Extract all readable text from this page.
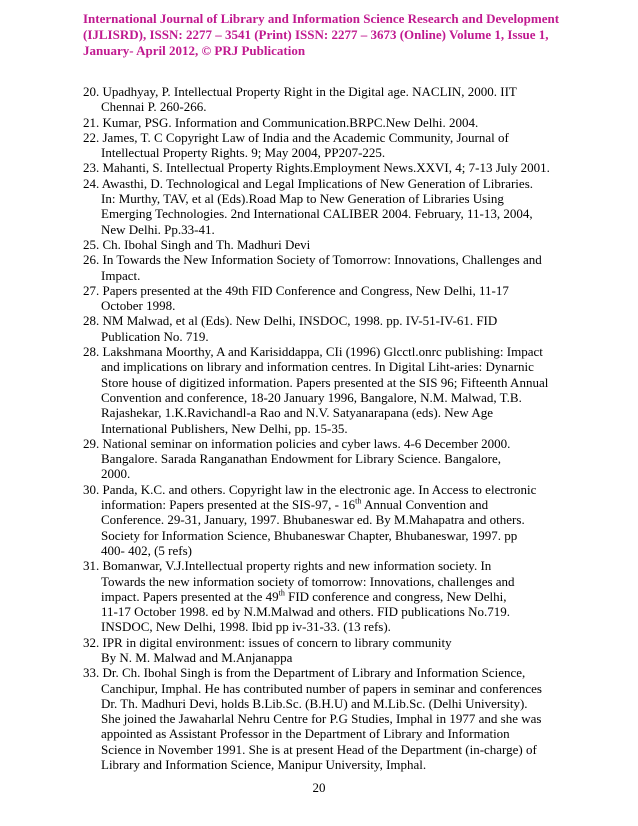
International Journal of Library and Information Science Research and Development
(IJLISRD), ISSN: 2277 – 3541 (Print) ISSN: 2277 – 3673 (Online) Volume 1, Issue 1,
January- April 2012, © PRJ Publication
20. Upadhyay, P. Intellectual Property Right in the Digital age. NACLIN, 2000. IIT
Chennai P. 260-266.
21. Kumar, PSG. Information and Communication.BRPC.New Delhi. 2004.
22. James, T. C Copyright Law of India and the Academic Community, Journal of
Intellectual Property Rights. 9; May 2004, PP207-225.
23. Mahanti, S. Intellectual Property Rights.Employment News.XXVI, 4; 7-13 July 2001.
24. Awasthi, D. Technological and Legal Implications of New Generation of Libraries.
In: Murthy, TAV, et al (Eds).Road Map to New Generation of Libraries Using
Emerging Technologies. 2nd International CALIBER 2004. February, 11-13, 2004,
New Delhi. Pp.33-41.
25. Ch. Ibohal Singh and Th. Madhuri Devi
26. In Towards the New Information Society of Tomorrow: Innovations, Challenges and
Impact.
27. Papers presented at the 49th FID Conference and Congress, New Delhi, 11-17
October 1998.
28. NM Malwad, et al (Eds). New Delhi, INSDOC, 1998. pp. IV-51-IV-61. FID
Publication No. 719.
28. Lakshmana Moorthy, A and Karisiddappa, CIi (1996) Glcctl.onrc publishing: Impact
and implications on library and information centres. In Digital Liht-aries: Dynarnic
Store house of digitized information. Papers presented at the SIS 96; Fifteenth Annual
Convention and conference, 18-20 January 1996, Bangalore, N.M. Malwad, T.B.
Rajashekar, 1.K.Ravichandl-a Rao and N.V. Satyanarapana (eds). New Age
International Publishers, New Delhi, pp. 15-35.
29. National seminar on information policies and cyber laws. 4-6 December 2000.
Bangalore. Sarada Ranganathan Endowment for Library Science. Bangalore,
2000.
30. Panda, K.C. and others. Copyright law in the electronic age. In Access to electronic
information: Papers presented at the SIS-97, - 16th Annual Convention and
Conference. 29-31, January, 1997. Bhubaneswar ed. By M.Mahapatra and others.
Society for Information Science, Bhubaneswar Chapter, Bhubaneswar, 1997. pp
400- 402, (5 refs)
31. Bomanwar, V.J.Intellectual property rights and new information society. In
Towards the new information society of tomorrow: Innovations, challenges and
impact. Papers presented at the 49th FID conference and congress, New Delhi,
11-17 October 1998. ed by N.M.Malwad and others. FID publications No.719.
INSDOC, New Delhi, 1998. Ibid pp iv-31-33. (13 refs).
32. IPR in digital environment: issues of concern to library community
By N. M. Malwad and M.Anjanappa
33. Dr. Ch. Ibohal Singh is from the Department of Library and Information Science,
Canchipur, Imphal. He has contributed number of papers in seminar and conferences
Dr. Th. Madhuri Devi, holds B.Lib.Sc. (B.H.U) and M.Lib.Sc. (Delhi University).
She joined the Jawaharlal Nehru Centre for P.G Studies, Imphal in 1977 and she was
appointed as Assistant Professor in the Department of Library and Information
Science in November 1991. She is at present Head of the Department (in-charge) of
Library and Information Science, Manipur University, Imphal.
20
